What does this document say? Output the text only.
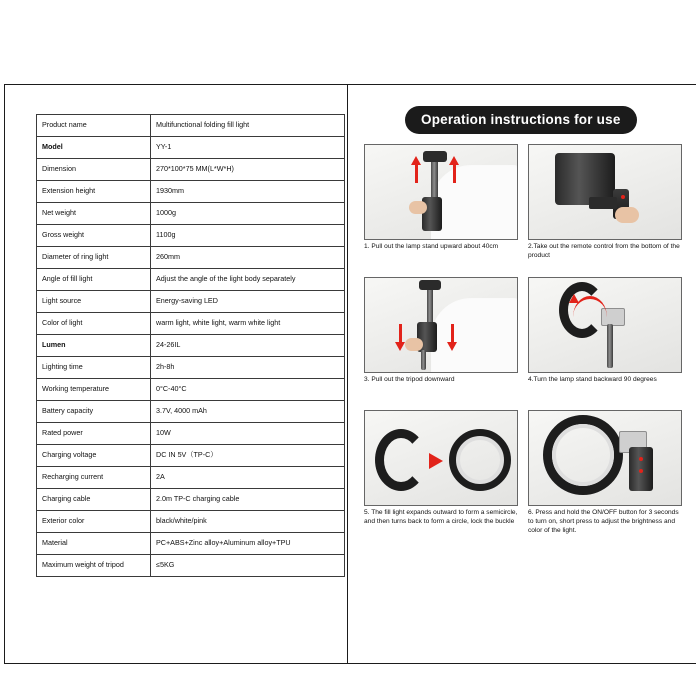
Product name	Multifunctional folding fill light
Model	YY-1
Dimension	270*100*75 MM(L*W*H)
Extension height	1930mm
Net weight	1000g
Gross weight	1100g
Diameter of ring light	260mm
Angle of fill light	Adjust the angle of the light body separately
Light source	Energy-saving LED
Color of light	warm light, white light, warm white light
Lumen	24-26IL
Lighting time	2h-8h
Working temperature	0°C-40°C
Battery capacity	3.7V, 4000 mAh
Rated power	10W
Charging voltage	DC IN 5V（TP-C）
Recharging current	2A
Charging cable	2.0m TP-C charging cable
Exterior color	black/white/pink
Material	PC+ABS+Zinc alloy+Aluminum alloy+TPU
Maximum weight of tripod	≤5KG
Operation instructions for use
1. Pull out the lamp stand upward about 40cm	2.Take out the remote control from the bottom of the product
3. Pull out the tripod downward	4.Turn the lamp stand backward 90 degrees
5. The fill light expands outward to form a semicircle, and then turns back to form a circle, lock the buckle
6. Press and hold the ON/OFF button for 3 seconds to turn on, short press to adjust the brightness and color of the light.
